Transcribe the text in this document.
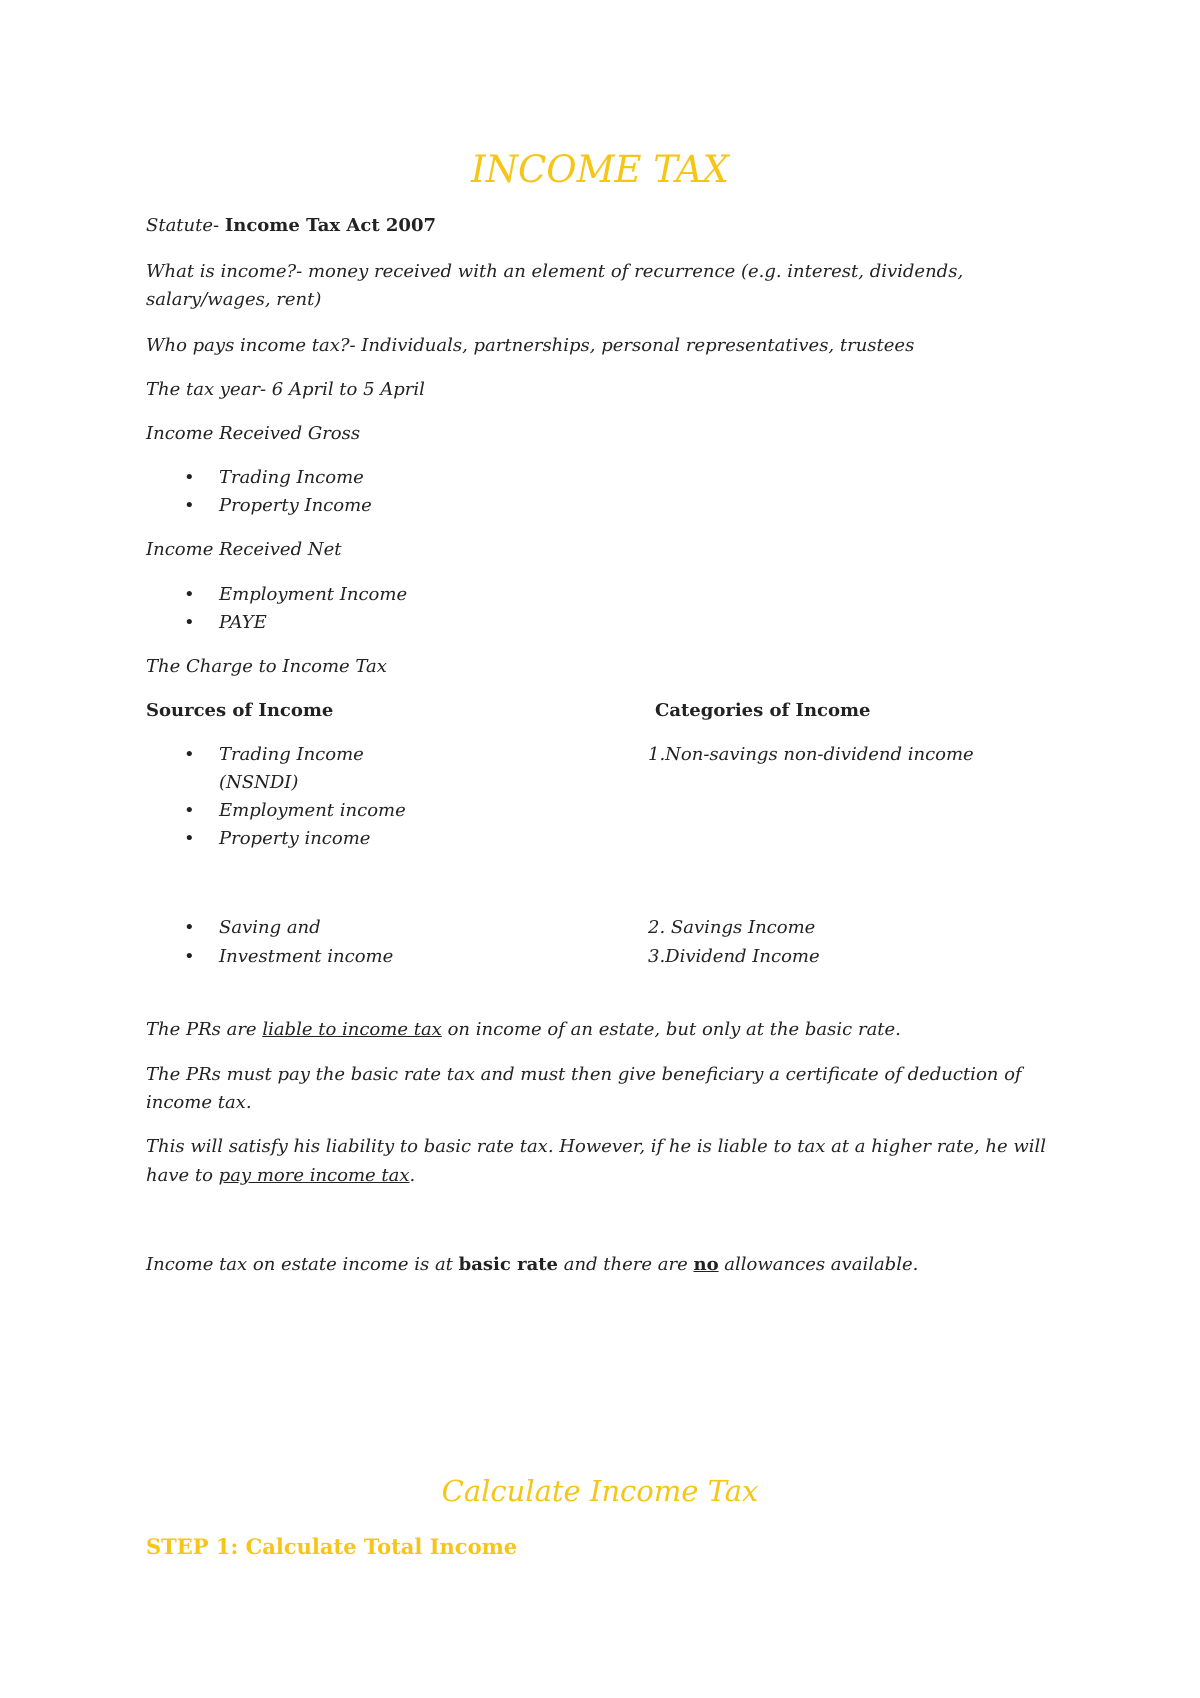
INCOME TAX
Statute- Income Tax Act 2007
What is income?- money received with an element of recurrence (e.g. interest, dividends,
salary/wages, rent)
Who pays income tax?- Individuals, partnerships, personal representatives, trustees
The tax year- 6 April to 5 April
Income Received Gross
• Trading Income
• Property Income
Income Received Net
• Employment Income
• PAYE
The Charge to Income Tax
Sources of Income	Categories of Income
• Trading Income	1.Non-savings non-dividend income
(NSNDI)
• Employment income
• Property income
• Saving and	2. Savings Income
• Investment income	3.Dividend Income
The PRs are liable to income tax on income of an estate, but only at the basic rate.
The PRs must pay the basic rate tax and must then give beneficiary a certificate of deduction of
income tax.
This will satisfy his liability to basic rate tax. However, if he is liable to tax at a higher rate, he will
have to pay more income tax.
Income tax on estate income is at basic rate and there are no allowances available.
Calculate Income Tax
STEP 1: Calculate Total Income
